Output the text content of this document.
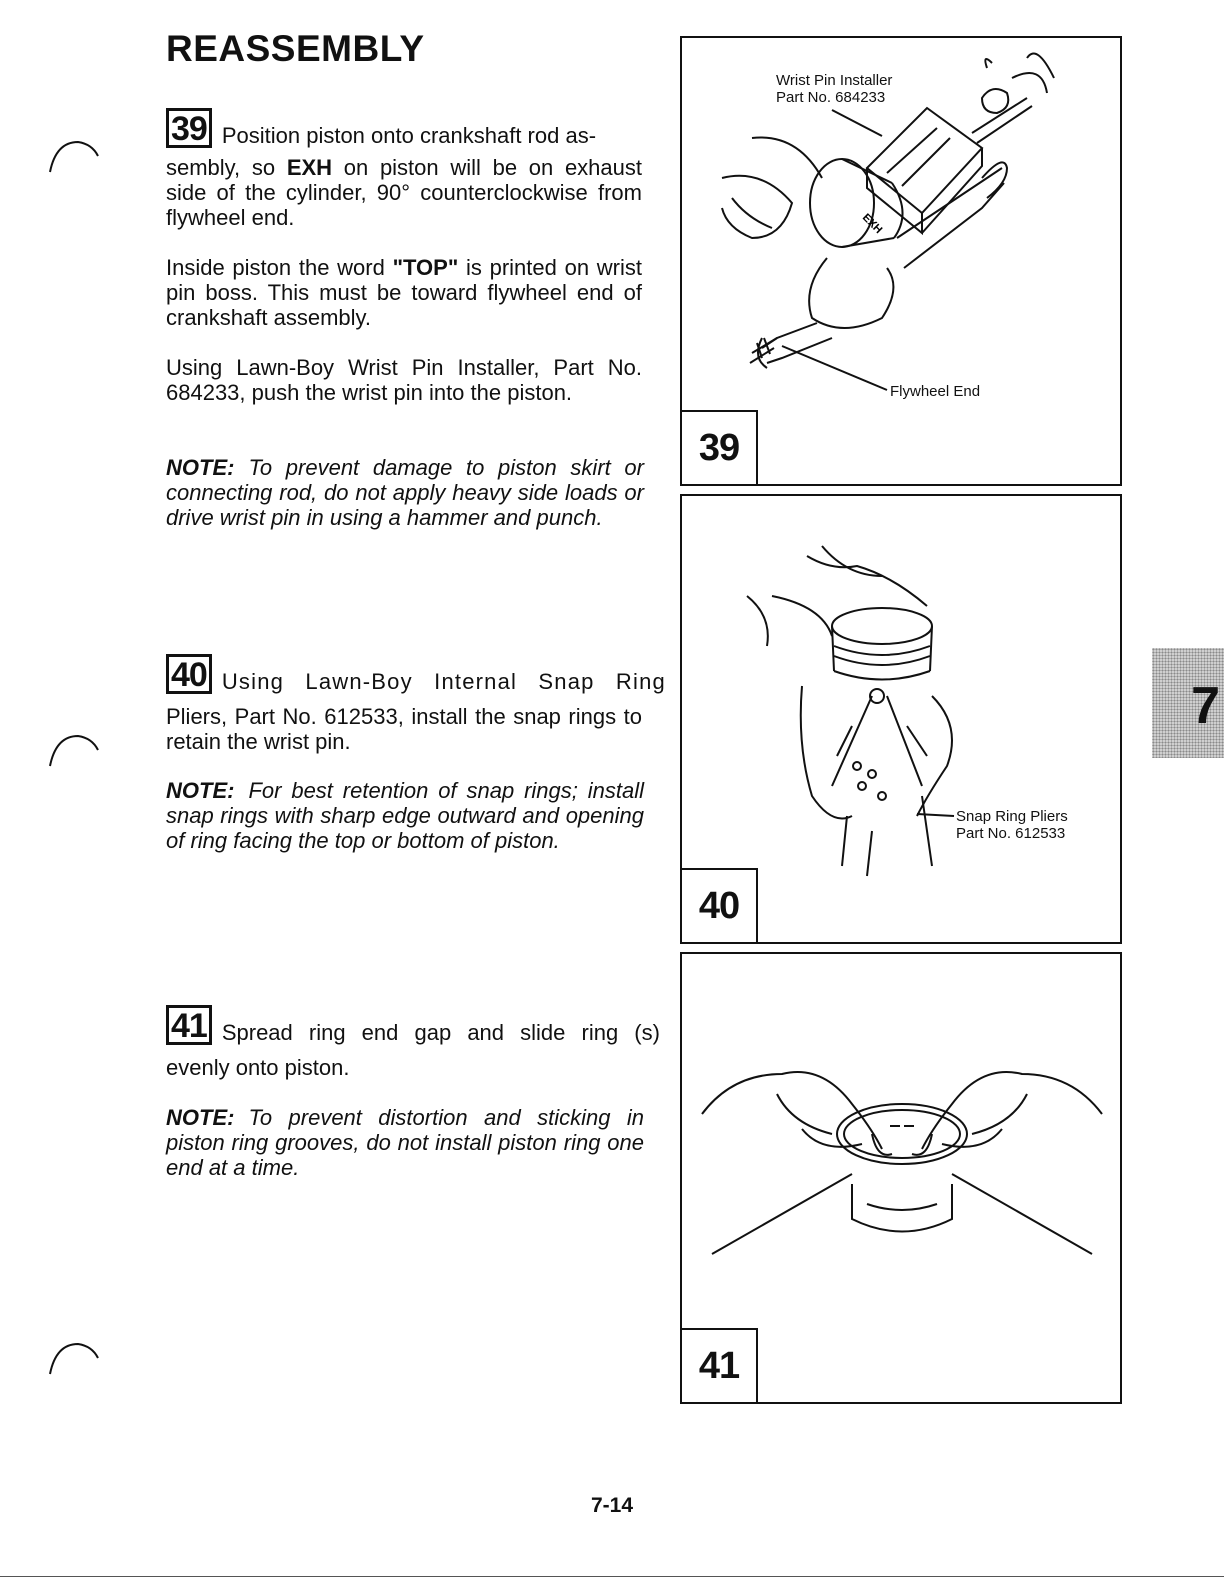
REASSEMBLY
39 Position piston onto crankshaft rod as-

sembly, so EXH on piston will be on exhaust side of the cylinder, 90° counterclockwise from flywheel end.

Inside piston the word "TOP" is printed on wrist pin boss. This must be toward flywheel end of crankshaft assembly.

Using Lawn-Boy Wrist Pin Installer, Part No. 684233, push the wrist pin into the piston.

NOTE: To prevent damage to piston skirt or connecting rod, do not apply heavy side loads or drive wrist pin in using a hammer and punch.

40 Using Lawn-Boy Internal Snap Ring

Pliers, Part No. 612533, install the snap rings to retain the wrist pin.

NOTE: For best retention of snap rings; install snap rings with sharp edge outward and opening of ring facing the top or bottom of piston.

41 Spread ring end gap and slide ring (s)

evenly onto piston.

NOTE: To prevent distortion and sticking in piston ring grooves, do not install piston ring one end at a time.

EXH
Wrist Pin Installer
Part No. 684233
Flywheel End
39
Snap Ring Pliers
Part No. 612533
40
41
7
7-14
